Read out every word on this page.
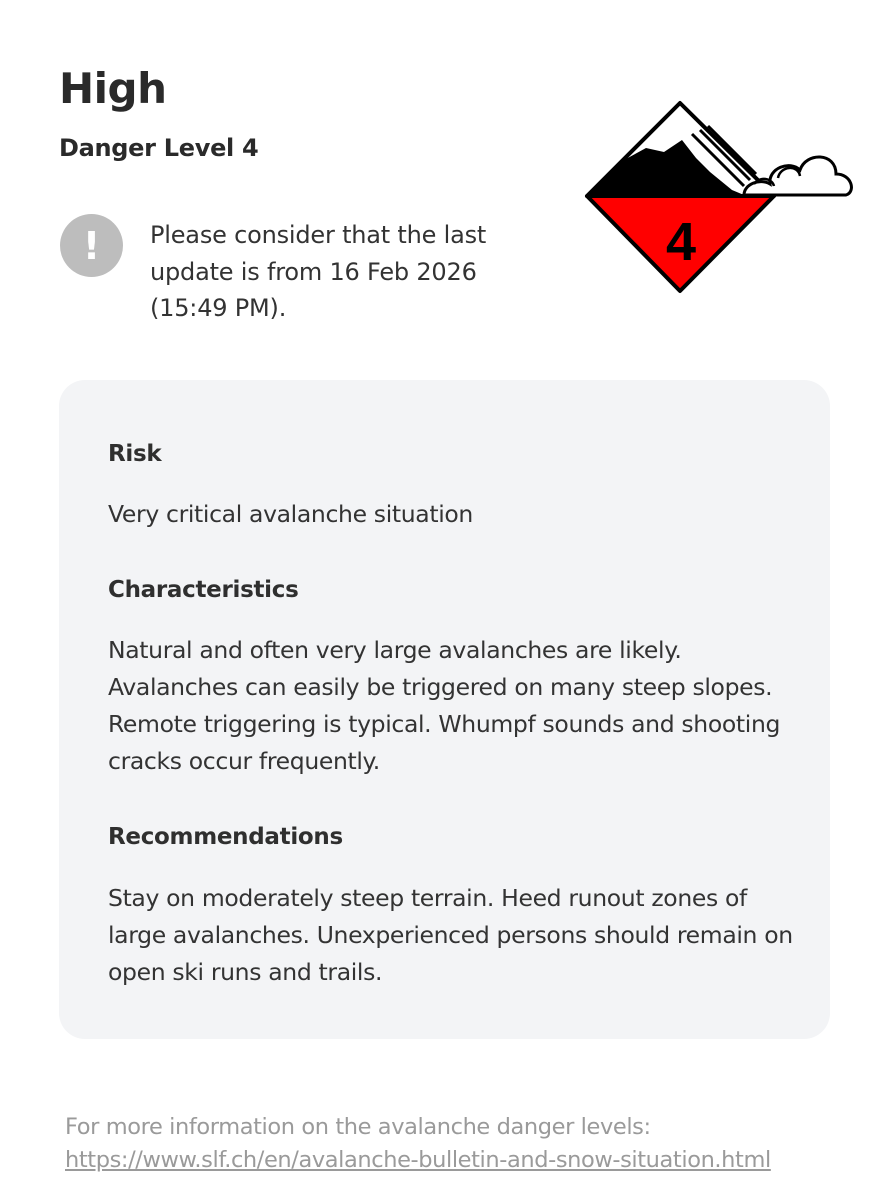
High
Danger Level 4
!	Please consider that the last update is from 16 Feb 2026 (15:49 PM).
4
Risk
Very critical avalanche situation
Characteristics
Natural and often very large avalanches are likely. Avalanches can easily be triggered on many steep slopes. Remote triggering is typical. Whumpf sounds and shooting cracks occur frequently.
Recommendations
Stay on moderately steep terrain. Heed runout zones of large avalanches. Unexperienced persons should remain on open ski runs and trails.
For more information on the avalanche danger levels: https://www.slf.ch/en/avalanche-bulletin-and-snow-situation.html
